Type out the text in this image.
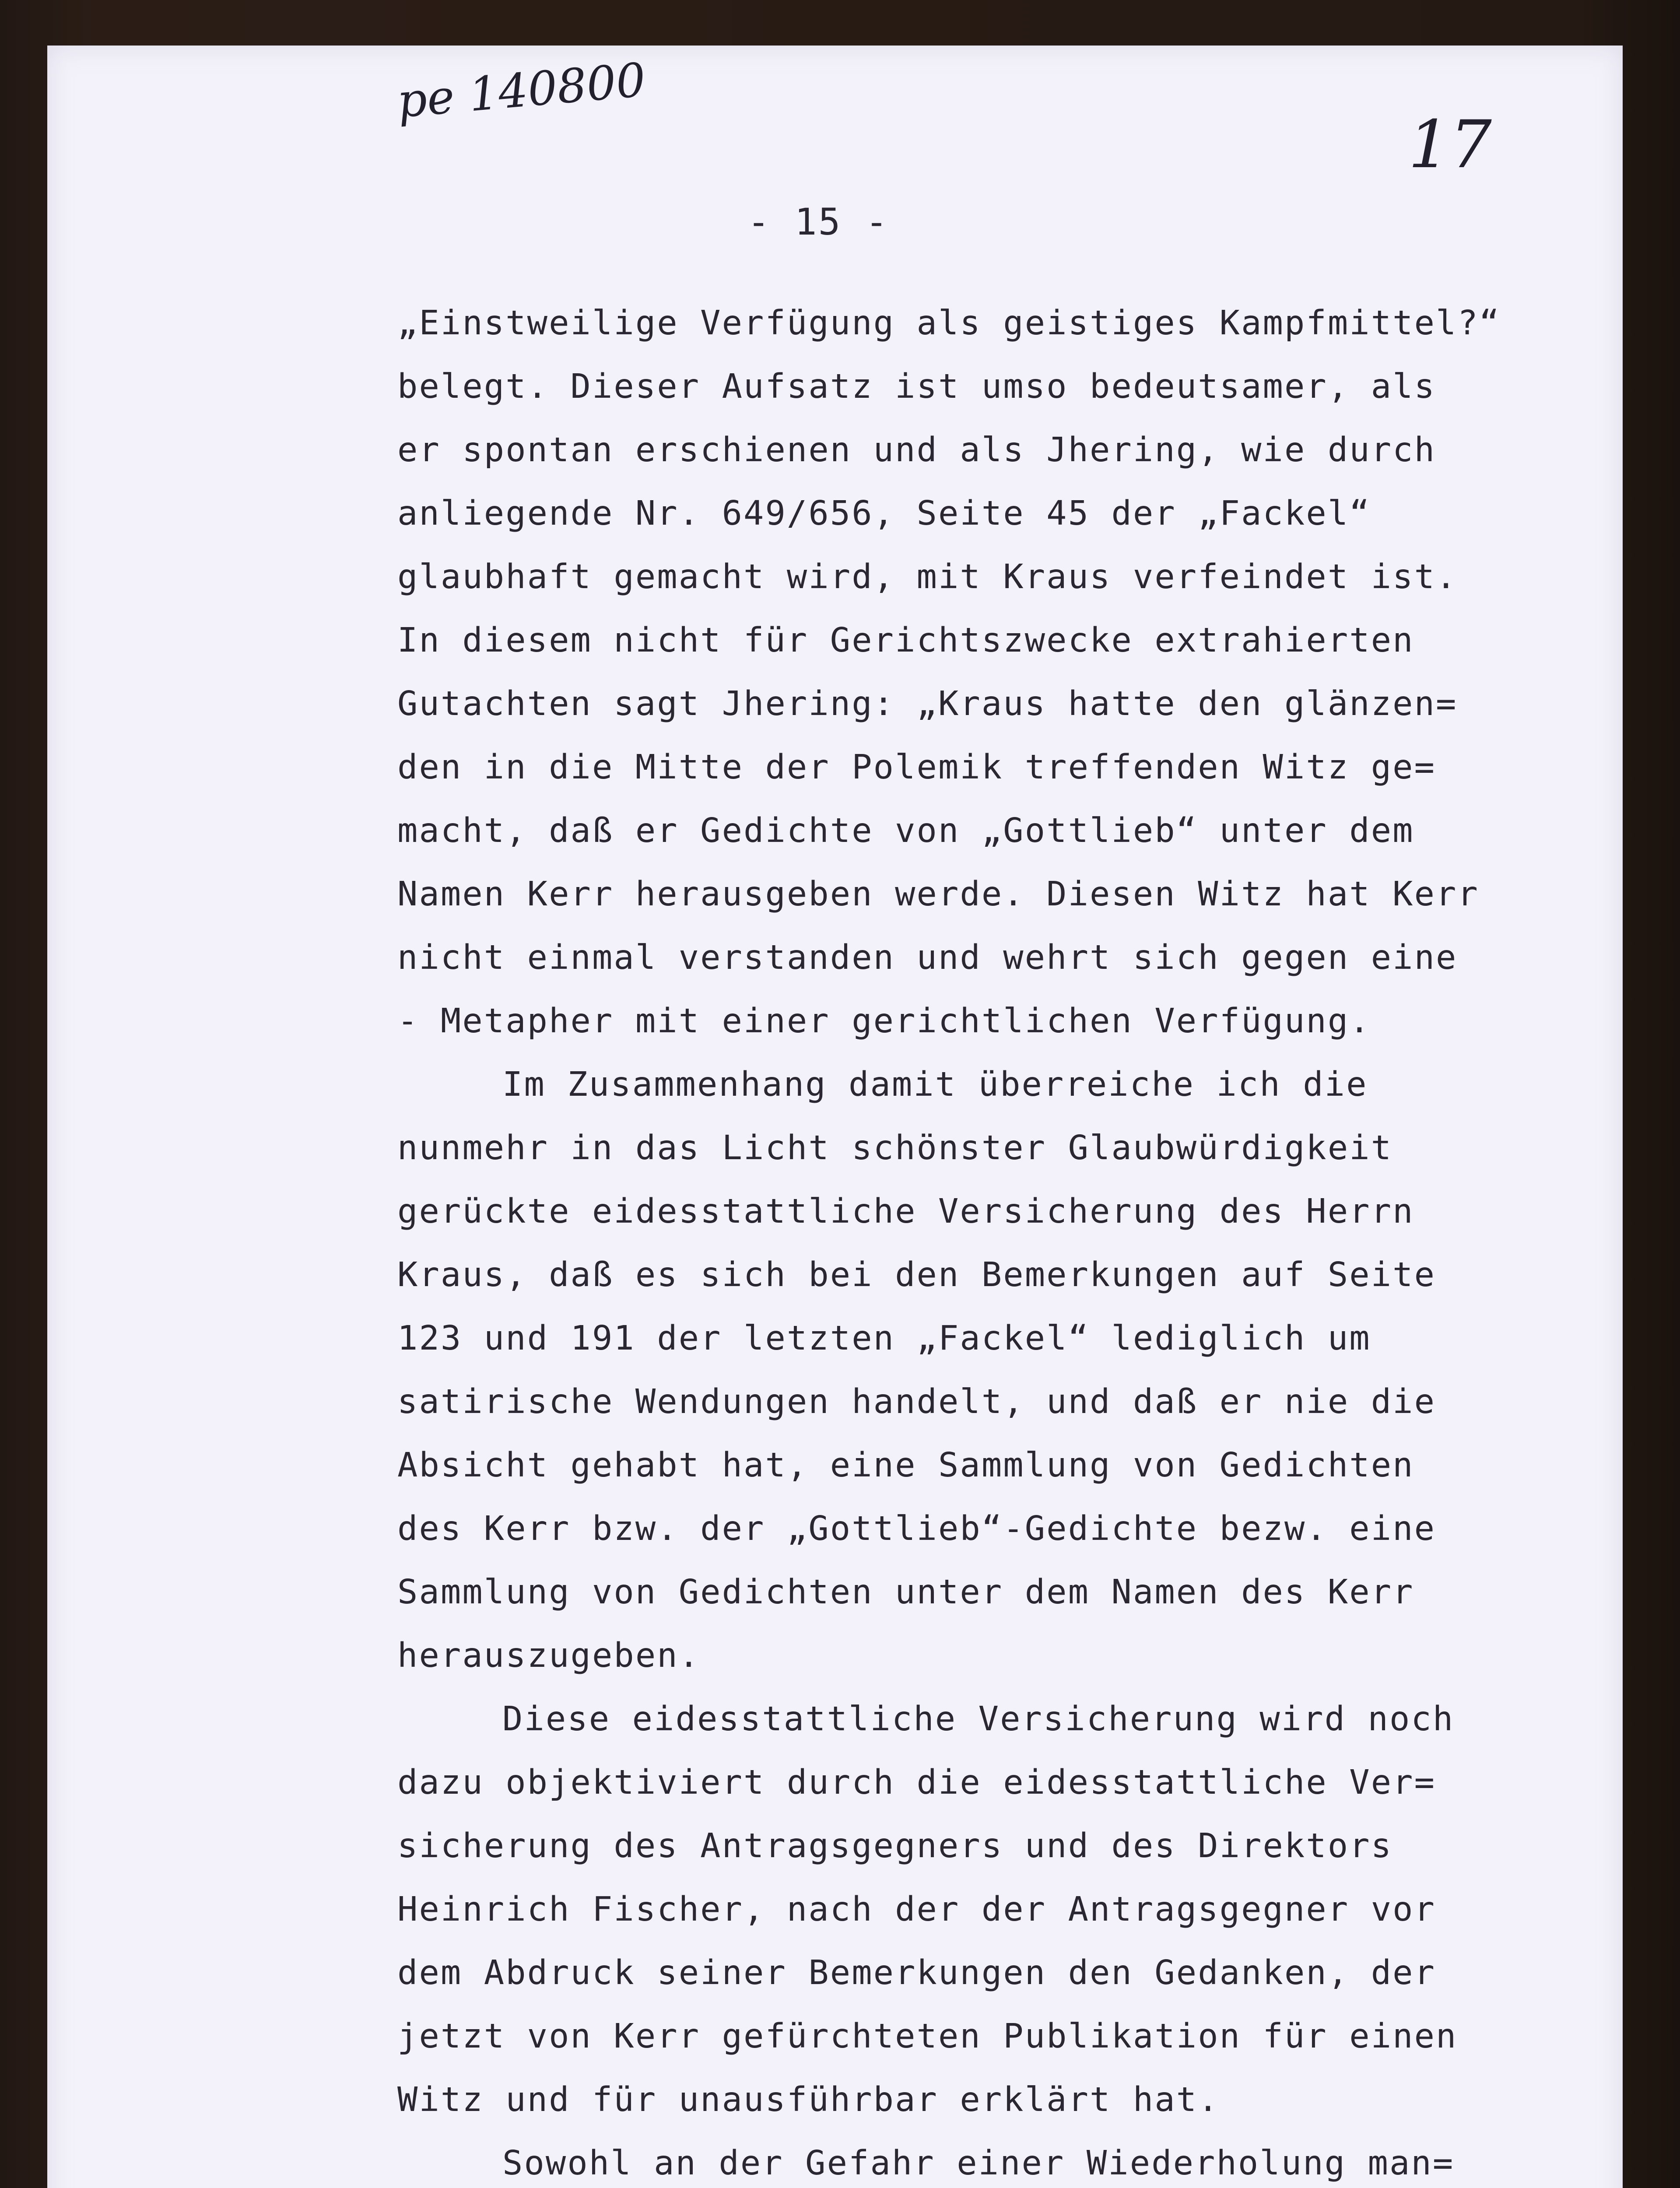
pe 140800
17
- 15 -
„Einstweilige Verfügung als geistiges Kampfmittel?“
belegt. Dieser Aufsatz ist umso bedeutsamer, als
er spontan erschienen und als Jhering, wie durch
anliegende Nr. 649/656, Seite 45 der „Fackel“
glaubhaft gemacht wird, mit Kraus verfeindet ist.
In diesem nicht für Gerichtszwecke extrahierten
Gutachten sagt Jhering: „Kraus hatte den glänzen=
den in die Mitte der Polemik treffenden Witz ge=
macht, daß er Gedichte von „Gottlieb“ unter dem
Namen Kerr herausgeben werde. Diesen Witz hat Kerr
nicht einmal verstanden und wehrt sich gegen eine
- Metapher mit einer gerichtlichen Verfügung.
Im Zusammenhang damit überreiche ich die
nunmehr in das Licht schönster Glaubwürdigkeit
gerückte eidesstattliche Versicherung des Herrn
Kraus, daß es sich bei den Bemerkungen auf Seite
123 und 191 der letzten „Fackel“ lediglich um
satirische Wendungen handelt, und daß er nie die
Absicht gehabt hat, eine Sammlung von Gedichten
des Kerr bzw. der „Gottlieb“-Gedichte bezw. eine
Sammlung von Gedichten unter dem Namen des Kerr
herauszugeben.
Diese eidesstattliche Versicherung wird noch
dazu objektiviert durch die eidesstattliche Ver=
sicherung des Antragsgegners und des Direktors
Heinrich Fischer, nach der der Antragsgegner vor
dem Abdruck seiner Bemerkungen den Gedanken, der
jetzt von Kerr gefürchteten Publikation für einen
Witz und für unausführbar erklärt hat.
Sowohl an der Gefahr einer Wiederholung man=
